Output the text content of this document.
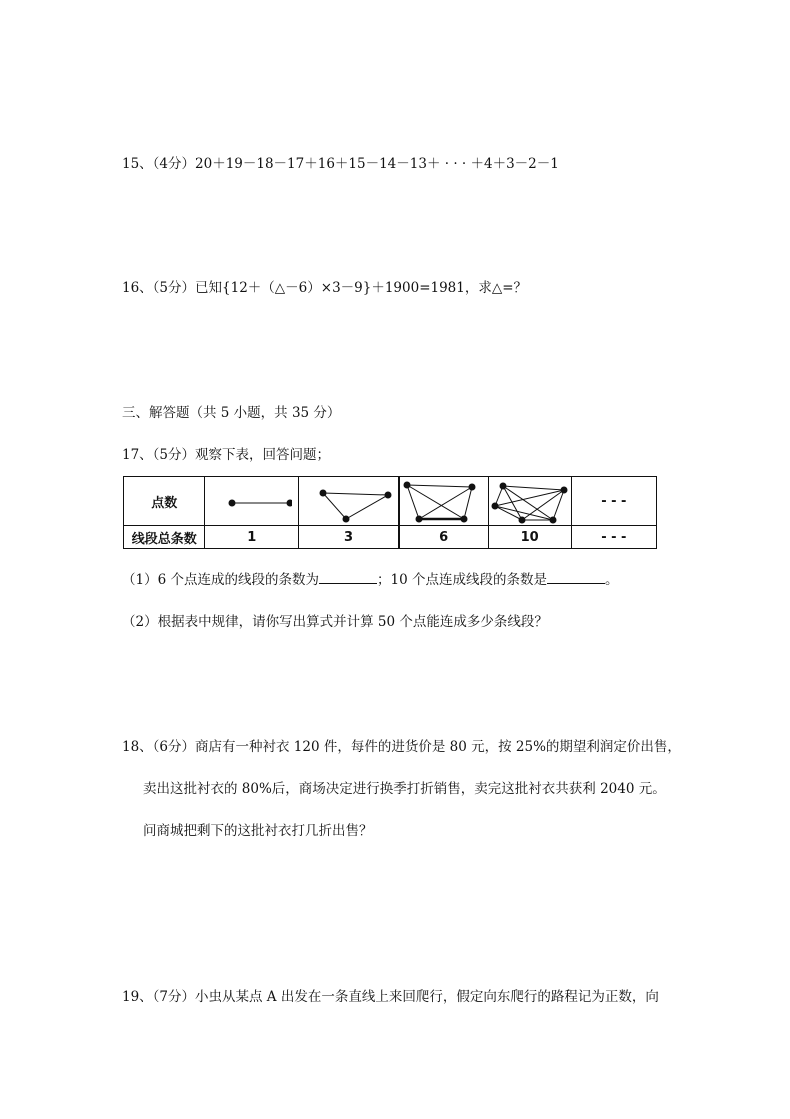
15、（4分）20＋19－18－17＋16＋15－14－13＋ · · · ＋4＋3－2－1
16、（5分）已知{12＋（△－6）×3－9}＋1900=1981，求△=？
三、解答题（共 5 小题，共 35 分）
17、（5分）观察下表，回答问题；
点数					- - -
线段总条数	1	3	6	10	- - -
（1）6 个点连成的线段的条数为	；10 个点连成线段的条数是	。
（2）根据表中规律，请你写出算式并计算 50 个点能连成多少条线段？
18、（6分）商店有一种衬衣 120 件，每件的进货价是 80 元，按 25%的期望利润定价出售，
卖出这批衬衣的 80%后，商场决定进行换季打折销售，卖完这批衬衣共获利 2040 元。
问商城把剩下的这批衬衣打几折出售？
19、（7分）小虫从某点 A 出发在一条直线上来回爬行，假定向东爬行的路程记为正数，向
